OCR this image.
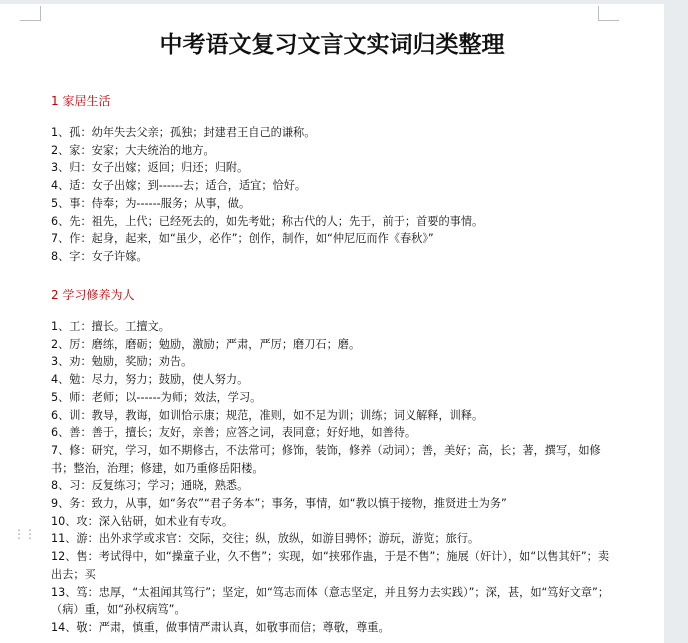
中考语文复习文言文实词归类整理
1 家居生活
1、孤：幼年失去父亲；孤独；封建君王自己的谦称。
2、家：安家；大夫统治的地方。
3、归：女子出嫁；返回；归还；归附。
4、适：女子出嫁；到------去；适合，适宜；恰好。
5、事：侍奉；为------服务；从事，做。
6、先：祖先，上代；已经死去的，如先考妣；称古代的人；先于，前于；首要的事情。
7、作：起身，起来，如“虽少，必作”；创作，制作，如“仲尼厄而作《春秋》”
8、字：女子许嫁。
2 学习修养为人
1、工：擅长。工擅文。
2、厉：磨练，磨砺；勉励，激励；严肃，严厉；磨刀石；磨。
3、劝：勉励，奖励；劝告。
4、勉：尽力，努力；鼓励，使人努力。
5、师：老师；以------为师；效法，学习。
6、训：教导，教诲，如训恰示康；规范，准则，如不足为训；训练；词义解释，训释。
6、善：善于，擅长；友好，亲善；应答之词，表同意；好好地，如善待。
7、修：研究，学习，如不期修古，不法常可；修饰，装饰，修养（动词）；善，美好；高，长；著，撰写，如修书；整治，治理；修建，如乃重修岳阳楼。
8、习：反复练习；学习；通晓，熟悉。
9、务：致力，从事，如“务农”“君子务本”；事务，事情，如“教以慎于接物，推贤进士为务”
10、攻：深入钻研，如术业有专攻。
11、游：出外求学或求官：交际，交往；纵，放纵，如游目骋怀；游玩，游览；旅行。
12、售：考试得中，如“操童子业，久不售”；实现，如“挟邪作蛊，于是不售”；施展（奸计），如“以售其奸”；卖出去；买
13、笃：忠厚，“太祖闻其笃行”；坚定，如“笃志而体（意志坚定，并且努力去实践）”；深，甚，如“笃好文章”；（病）重，如“孙权病笃”。
14、敬：严肃，慎重，做事情严肃认真，如敬事而信；尊敬，尊重。
⋮⋮
